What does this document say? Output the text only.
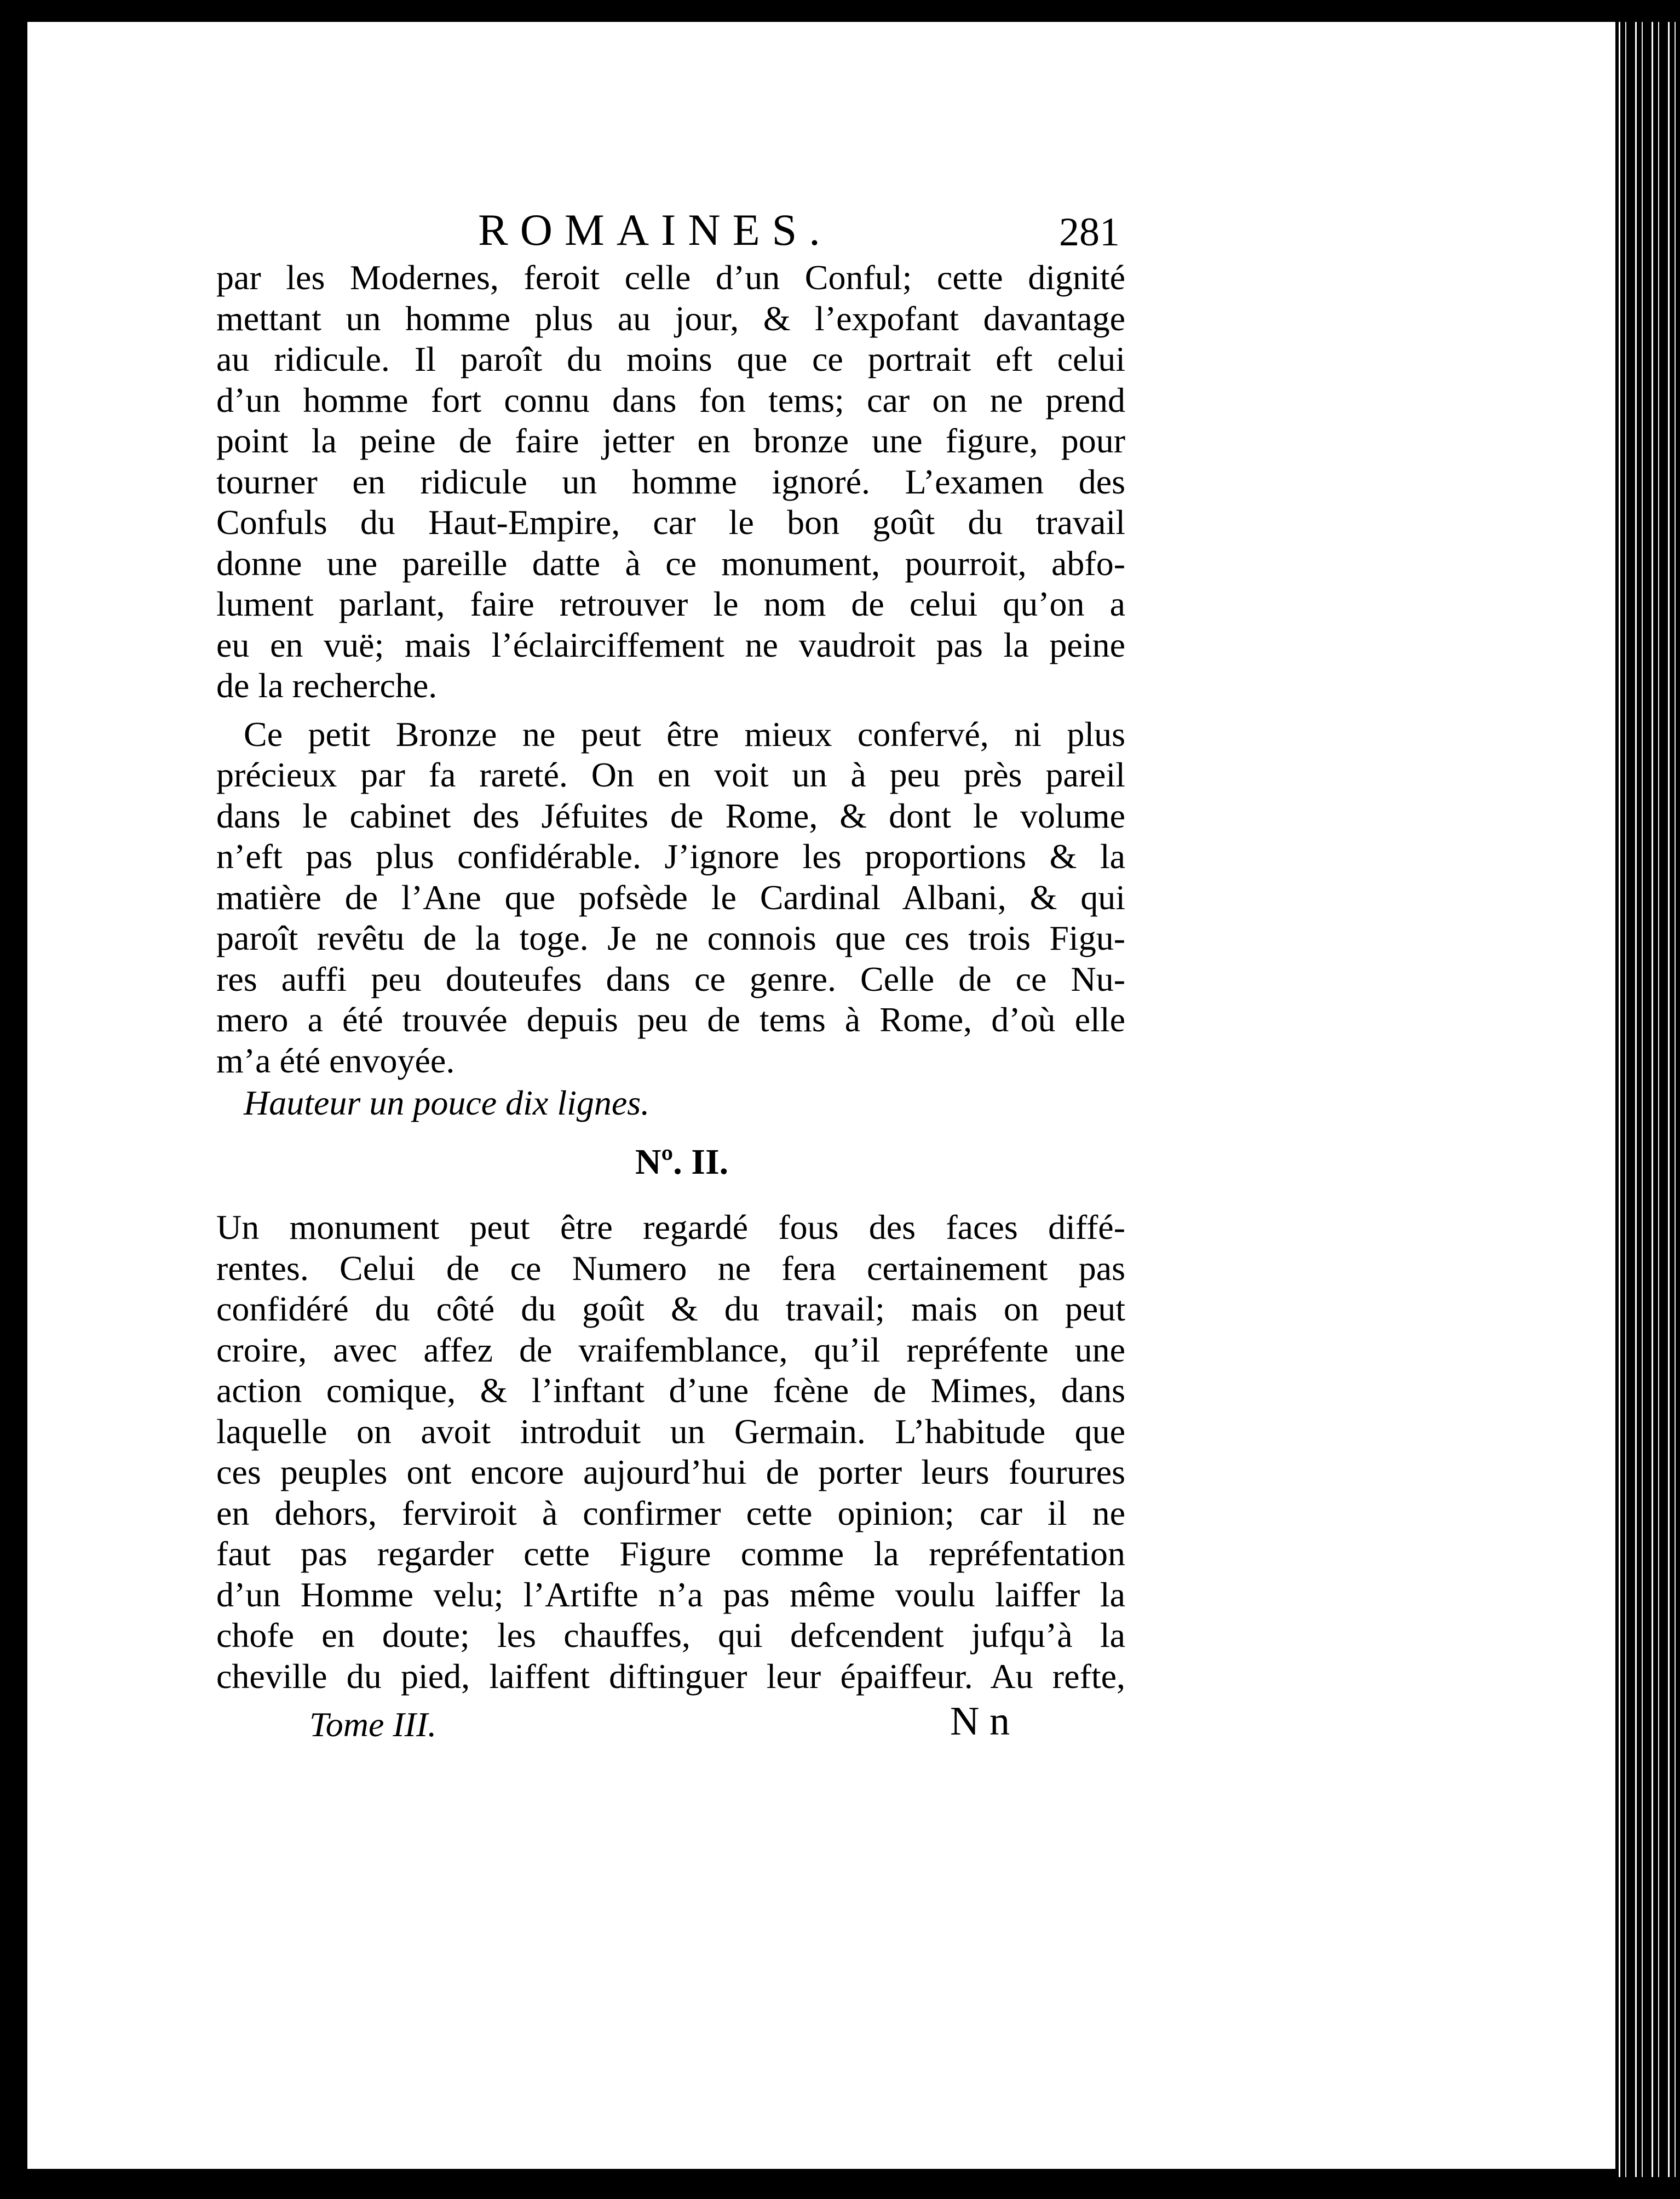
ROMAINES.	281
par les Modernes, feroit celle d’un Conful; cette dignité
mettant un homme plus au jour, & l’expofant davantage
au ridicule. Il paroît du moins que ce portrait eft celui
d’un homme fort connu dans fon tems; car on ne prend
point la peine de faire jetter en bronze une figure, pour
tourner en ridicule un homme ignoré. L’examen des
Confuls du Haut-Empire, car le bon goût du travail
donne une pareille datte à ce monument, pourroit, abfo-
lument parlant, faire retrouver le nom de celui qu’on a
eu en vuë; mais l’éclairciffement ne vaudroit pas la peine
de la recherche.
Ce petit Bronze ne peut être mieux confervé, ni plus
précieux par fa rareté. On en voit un à peu près pareil
dans le cabinet des Jéfuites de Rome, & dont le volume
n’eft pas plus confidérable. J’ignore les proportions & la
matière de l’Ane que pofsède le Cardinal Albani, & qui
paroît revêtu de la toge. Je ne connois que ces trois Figu-
res auffi peu douteufes dans ce genre. Celle de ce Nu-
mero a été trouvée depuis peu de tems à Rome, d’où elle
m’a été envoyée.
Hauteur un pouce dix lignes.
Nº. II.
Un monument peut être regardé fous des faces diffé-
rentes. Celui de ce Numero ne fera certainement pas
confidéré du côté du goût & du travail; mais on peut
croire, avec affez de vraifemblance, qu’il repréfente une
action comique, & l’inftant d’une fcène de Mimes, dans
laquelle on avoit introduit un Germain. L’habitude que
ces peuples ont encore aujourd’hui de porter leurs fourures
en dehors, ferviroit à confirmer cette opinion; car il ne
faut pas regarder cette Figure comme la repréfentation
d’un Homme velu; l’Artifte n’a pas même voulu laiffer la
chofe en doute; les chauffes, qui defcendent jufqu’à la
cheville du pied, laiffent diftinguer leur épaiffeur. Au refte,
Tome III.	N n
